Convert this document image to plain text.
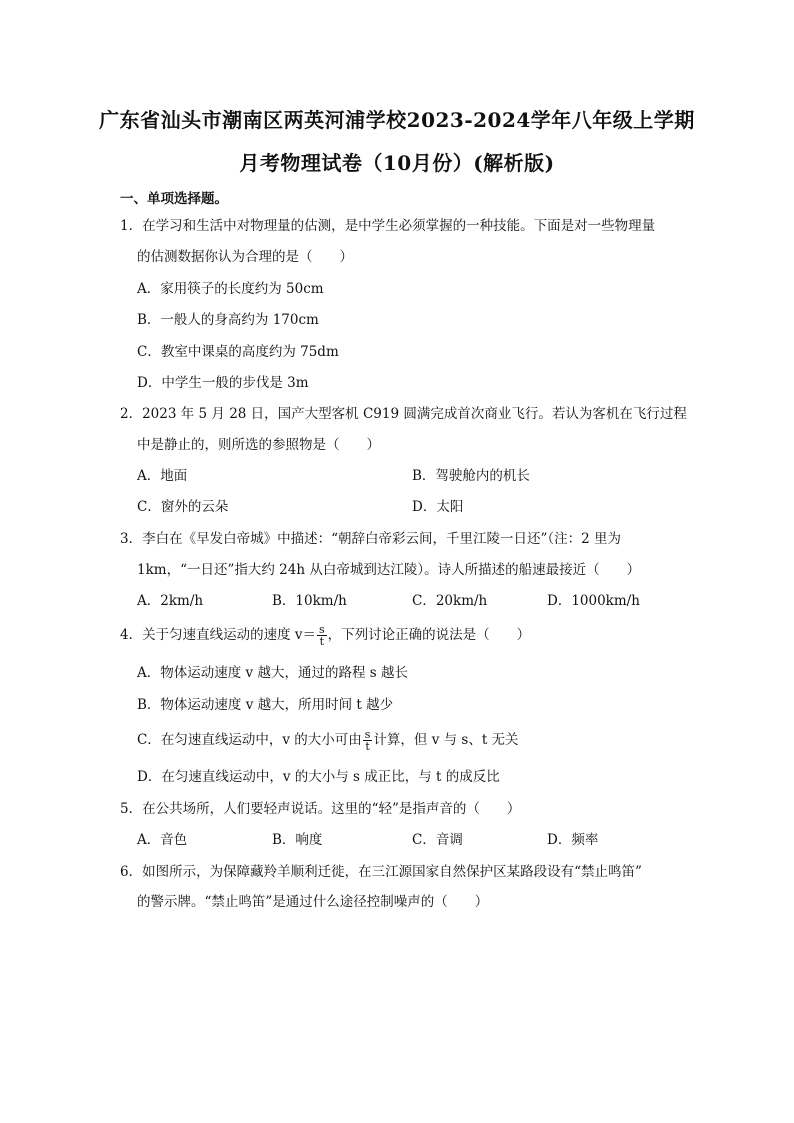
广东省汕头市潮南区两英河浦学校2023-2024学年八年级上学期
月考物理试卷（10月份）(解析版)
一、单项选择题。
1．在学习和生活中对物理量的估测，是中学生必须掌握的一种技能。下面是对一些物理量
的估测数据你认为合理的是（　　）
A．家用筷子的长度约为 50cm
B．一般人的身高约为 170cm
C．教室中课桌的高度约为 75dm
D．中学生一般的步伐是 3m
2．2023 年 5 月 28 日，国产大型客机 C919 圆满完成首次商业飞行。若认为客机在飞行过程
中是静止的，则所选的参照物是（　　）
A．地面	B．驾驶舱内的机长
C．窗外的云朵	D．太阳
3．李白在《早发白帝城》中描述：“朝辞白帝彩云间，千里江陵一日还”（注：2 里为
1km，“一日还”指大约 24h 从白帝城到达江陵）。诗人所描述的船速最接近（　　）
A．2km/h	B．10km/h	C．20km/h	D．1000km/h
4．关于匀速直线运动的速度 $v= \frac{s}{t}$ ，下列讨论正确的说法是（　　）
A．物体运动速度 v 越大，通过的路程 s 越长
B．物体运动速度 v 越大，所用时间 t 越少
C．在匀速直线运动中，v 的大小可由 $\frac{s}{t}$ 计算，但 v 与 s、t 无关
D．在匀速直线运动中，v 的大小与 s 成正比，与 t 的成反比
5．在公共场所，人们要轻声说话。这里的“轻”是指声音的（　　）
A．音色	B．响度	C．音调	D．频率
6．如图所示，为保障藏羚羊顺利迁徙，在三江源国家自然保护区某路段设有“禁止鸣笛”
的警示牌。“禁止鸣笛”是通过什么途径控制噪声的（　　）
